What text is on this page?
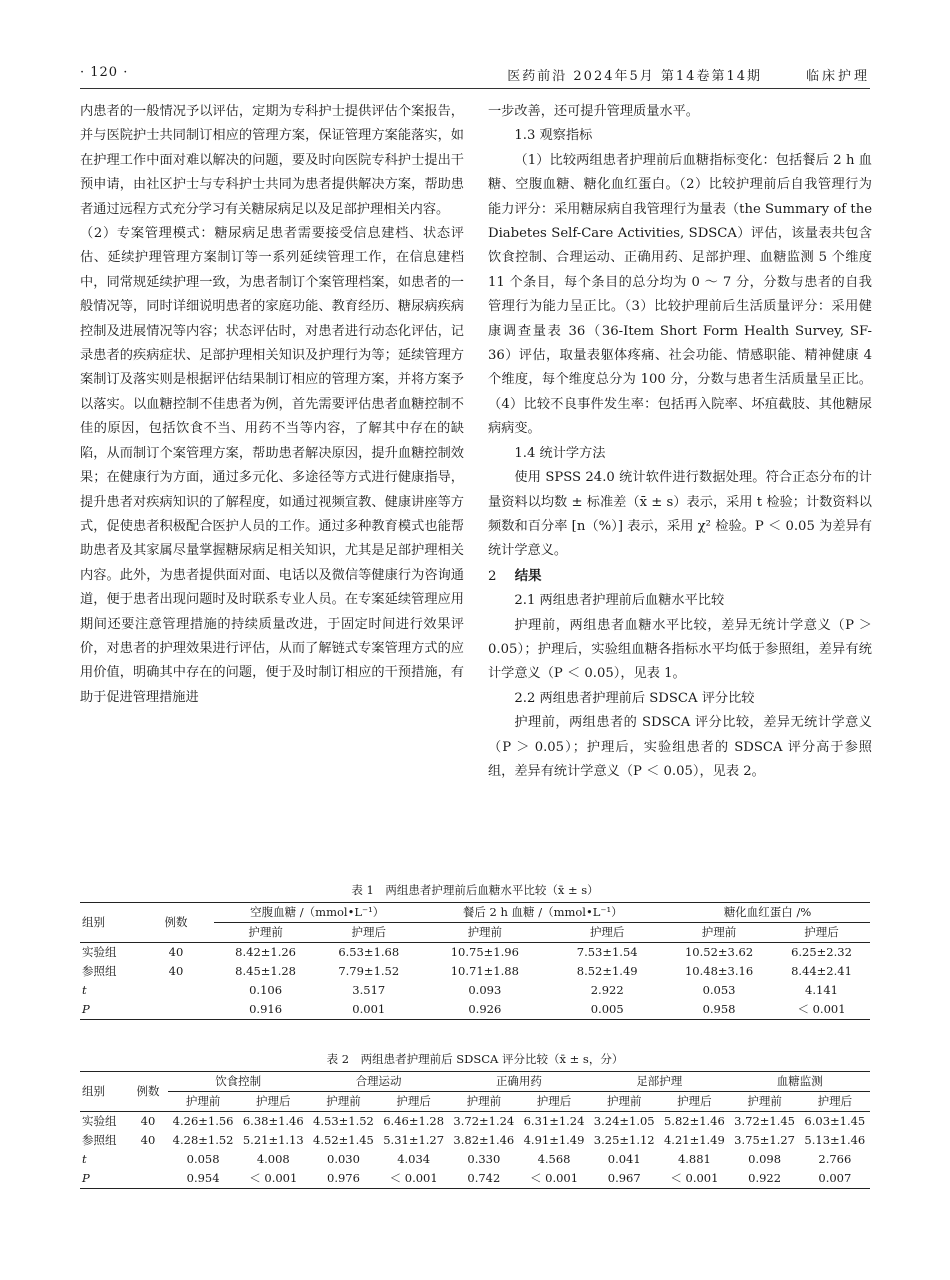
· 120 ·	医药前沿 2024年5月 第14卷第14期	临床护理

内患者的一般情况予以评估，定期为专科护士提供评估个案报告，并与医院护士共同制订相应的管理方案，保证管理方案能落实，如在护理工作中面对难以解决的问题，要及时向医院专科护士提出干预申请，由社区护士与专科护士共同为患者提供解决方案，帮助患者通过远程方式充分学习有关糖尿病足以及足部护理相关内容。

（2）专案管理模式：糖尿病足患者需要接受信息建档、状态评估、延续护理管理方案制订等一系列延续管理工作，在信息建档中，同常规延续护理一致，为患者制订个案管理档案，如患者的一般情况等，同时详细说明患者的家庭功能、教育经历、糖尿病疾病控制及进展情况等内容；状态评估时，对患者进行动态化评估，记录患者的疾病症状、足部护理相关知识及护理行为等；延续管理方案制订及落实则是根据评估结果制订相应的管理方案，并将方案予以落实。以血糖控制不佳患者为例，首先需要评估患者血糖控制不佳的原因，包括饮食不当、用药不当等内容，了解其中存在的缺陷，从而制订个案管理方案，帮助患者解决原因，提升血糖控制效果；在健康行为方面，通过多元化、多途径等方式进行健康指导，提升患者对疾病知识的了解程度，如通过视频宣教、健康讲座等方式，促使患者积极配合医护人员的工作。通过多种教育模式也能帮助患者及其家属尽量掌握糖尿病足相关知识，尤其是足部护理相关内容。此外，为患者提供面对面、电话以及微信等健康行为咨询通道，便于患者出现问题时及时联系专业人员。在专案延续管理应用期间还要注意管理措施的持续质量改进，于固定时间进行效果评价，对患者的护理效果进行评估，从而了解链式专案管理方式的应用价值，明确其中存在的问题，便于及时制订相应的干预措施，有助于促进管理措施进

一步改善，还可提升管理质量水平。

1.3 观察指标

（1）比较两组患者护理前后血糖指标变化：包括餐后 2 h 血糖、空腹血糖、糖化血红蛋白。（2）比较护理前后自我管理行为能力评分：采用糖尿病自我管理行为量表（the Summary of the Diabetes Self-Care Activities, SDSCA）评估，该量表共包含饮食控制、合理运动、正确用药、足部护理、血糖监测 5 个维度 11 个条目，每个条目的总分均为 0 ～ 7 分，分数与患者的自我管理行为能力呈正比。（3）比较护理前后生活质量评分：采用健康调查量表 36（36-Item Short Form Health Survey, SF-36）评估，取量表躯体疼痛、社会功能、情感职能、精神健康 4 个维度，每个维度总分为 100 分，分数与患者生活质量呈正比。（4）比较不良事件发生率：包括再入院率、坏疽截肢、其他糖尿病病变。

1.4 统计学方法

使用 SPSS 24.0 统计软件进行数据处理。符合正态分布的计量资料以均数 ± 标准差（x̄ ± s）表示，采用 t 检验；计数资料以频数和百分率 [n（%）] 表示，采用 χ² 检验。P ＜ 0.05 为差异有统计学意义。

2 结果
2.1 两组患者护理前后血糖水平比较

护理前，两组患者血糖水平比较，差异无统计学意义（P ＞ 0.05）；护理后，实验组血糖各指标水平均低于参照组，差异有统计学意义（P ＜ 0.05），见表 1。

2.2 两组患者护理前后 SDSCA 评分比较

护理前，两组患者的 SDSCA 评分比较，差异无统计学意义（P ＞ 0.05）；护理后，实验组患者的 SDSCA 评分高于参照组，差异有统计学意义（P ＜ 0.05），见表 2。

表 1　两组患者护理前后血糖水平比较（x̄ ± s）
组别	例数	空腹血糖 /（mmol•L⁻¹）		餐后 2 h 血糖 /（mmol•L⁻¹）		糖化血红蛋白 /%	
		护理前	护理后	护理前	护理后	护理前	护理后
实验组	40	8.42±1.26	6.53±1.68	10.75±1.96	7.53±1.54	10.52±3.62	6.25±2.32
参照组	40	8.45±1.28	7.79±1.52	10.71±1.88	8.52±1.49	10.48±3.16	8.44±2.41
t		0.106	3.517	0.093	2.922	0.053	4.141
P		0.916	0.001	0.926	0.005	0.958	＜ 0.001
表 2　两组患者护理前后 SDSCA 评分比较（x̄ ± s，分）
组别	例数	饮食控制		合理运动		正确用药		足部护理		血糖监测	
		护理前	护理后	护理前	护理后	护理前	护理后	护理前	护理后	护理前	护理后
实验组	40	4.26±1.56	6.38±1.46	4.53±1.52	6.46±1.28	3.72±1.24	6.31±1.24	3.24±1.05	5.82±1.46	3.72±1.45	6.03±1.45
参照组	40	4.28±1.52	5.21±1.13	4.52±1.45	5.31±1.27	3.82±1.46	4.91±1.49	3.25±1.12	4.21±1.49	3.75±1.27	5.13±1.46
t		0.058	4.008	0.030	4.034	0.330	4.568	0.041	4.881	0.098	2.766
P		0.954	＜ 0.001	0.976	＜ 0.001	0.742	＜ 0.001	0.967	＜ 0.001	0.922	0.007
